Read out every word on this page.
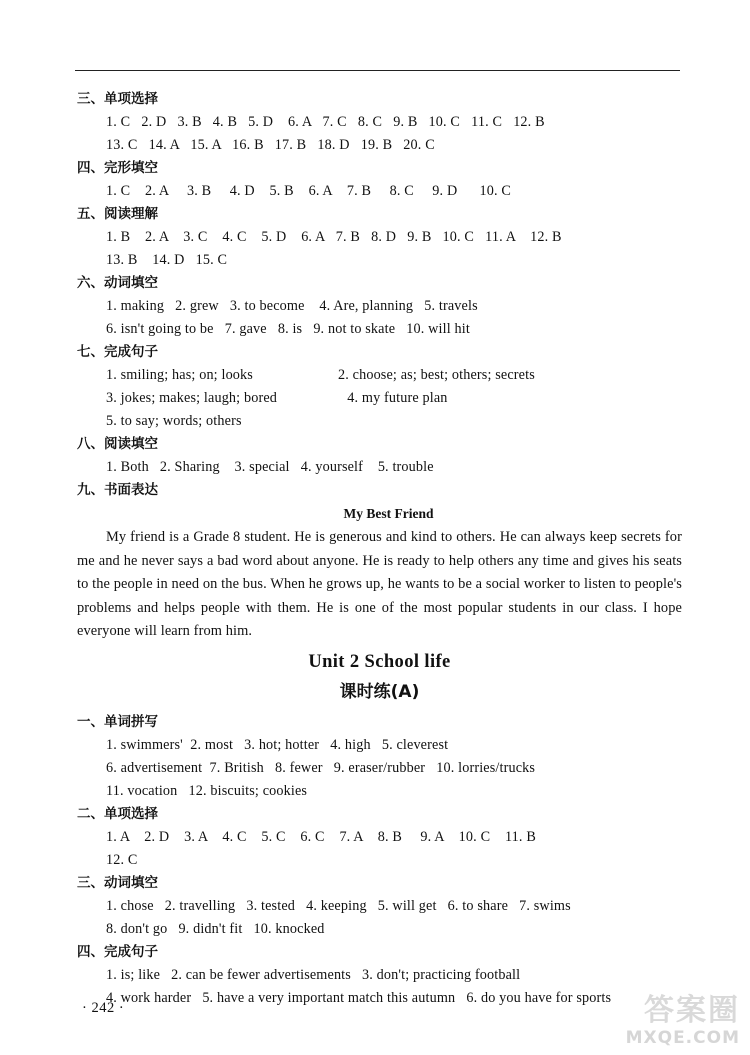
三、单项选择
1. C   2. D   3. B   4. B   5. D    6. A   7. C   8. C   9. B   10. C   11. C   12. B
13. C   14. A   15. A   16. B   17. B   18. D   19. B   20. C
四、完形填空
1. C    2. A     3. B     4. D    5. B    6. A    7. B     8. C     9. D      10. C
五、阅读理解
1. B    2. A    3. C    4. C    5. D    6. A   7. B   8. D   9. B   10. C   11. A    12. B
13. B    14. D   15. C
六、动词填空
1. making   2. grew   3. to become    4. Are, planning   5. travels
6. isn't going to be   7. gave   8. is   9. not to skate   10. will hit
七、完成句子
1. smiling; has; on; looks                       2. choose; as; best; others; secrets
3. jokes; makes; laugh; bored                   4. my future plan
5. to say; words; others
八、阅读填空
1. Both   2. Sharing    3. special   4. yourself    5. trouble
九、书面表达
My Best Friend
My friend is a Grade 8 student. He is generous and kind to others. He can always keep secrets for me and he never says a bad word about anyone. He is ready to help others any time and gives his seats to the people in need on the bus. When he grows up, he wants to be a social worker to listen to people's problems and helps people with them. He is one of the most popular students in our class. I hope everyone will learn from him.
Unit 2 School life
课时练(A)
一、单词拼写
1. swimmers'  2. most   3. hot; hotter   4. high   5. cleverest
6. advertisement  7. British   8. fewer   9. eraser/rubber   10. lorries/trucks
11. vocation   12. biscuits; cookies
二、单项选择
1. A    2. D    3. A    4. C    5. C    6. C    7. A    8. B     9. A    10. C    11. B
12. C
三、动词填空
1. chose   2. travelling   3. tested   4. keeping   5. will get   6. to share   7. swims
8. don't go   9. didn't fit   10. knocked
四、完成句子
1. is; like   2. can be fewer advertisements   3. don't; practicing football
4. work harder   5. have a very important match this autumn   6. do you have for sports
· 242 ·	答案圈
MXQE.COM
